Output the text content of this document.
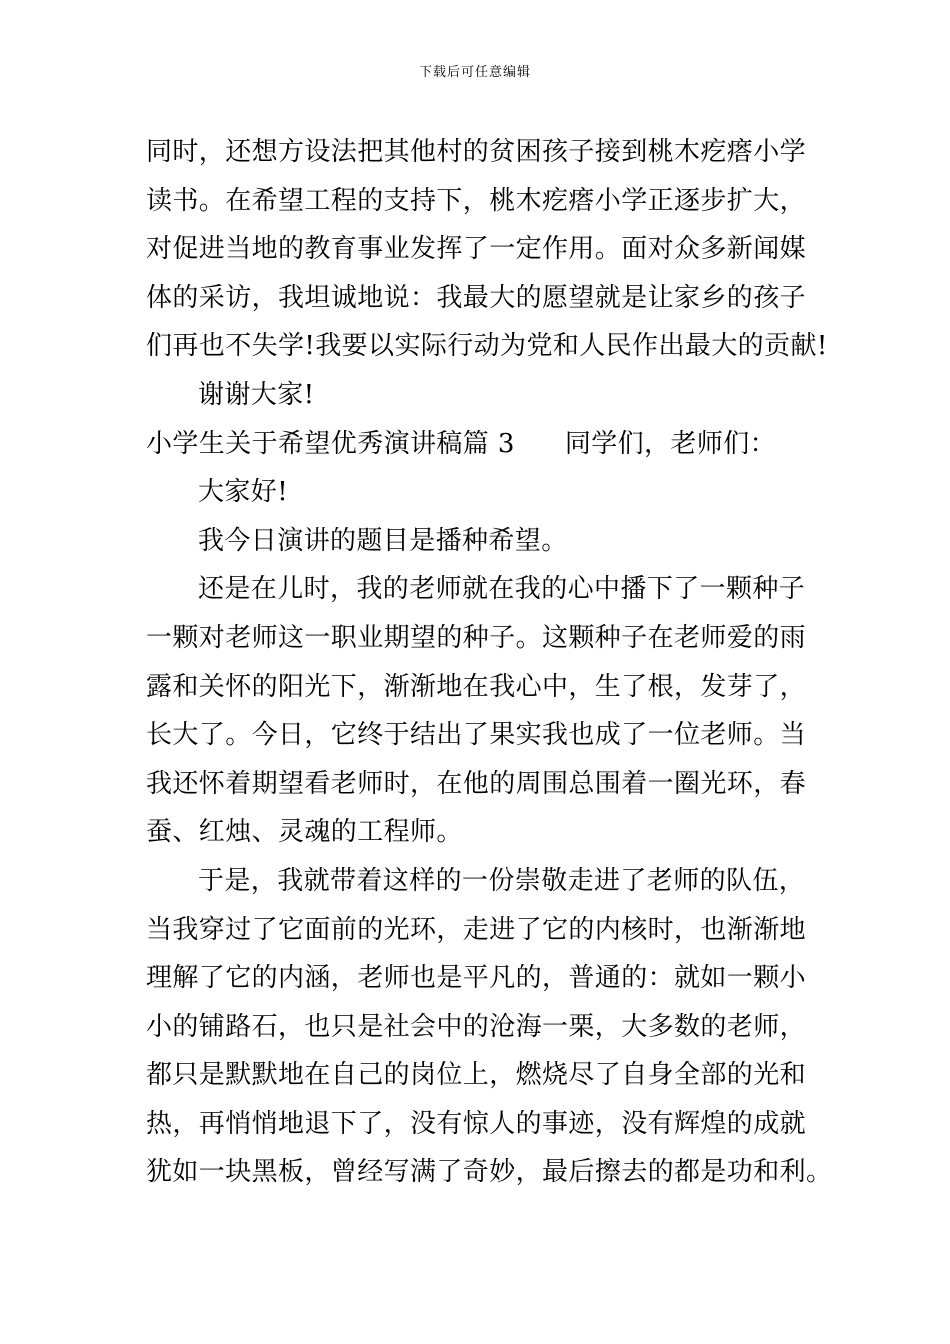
下载后可任意编辑
同时，还想方设法把其他村的贫困孩子接到桃木疙瘩小学
读书。在希望工程的支持下，桃木疙瘩小学正逐步扩大，
对促进当地的教育事业发挥了一定作用。面对众多新闻媒
体的采访，我坦诚地说：我最大的愿望就是让家乡的孩子
们再也不失学!我要以实际行动为党和人民作出最大的贡献!
谢谢大家!
小学生关于希望优秀演讲稿篇 3 同学们，老师们：
大家好!
我今日演讲的题目是播种希望。
还是在儿时，我的老师就在我的心中播下了一颗种子
一颗对老师这一职业期望的种子。这颗种子在老师爱的雨
露和关怀的阳光下，渐渐地在我心中，生了根，发芽了，
长大了。今日，它终于结出了果实我也成了一位老师。当
我还怀着期望看老师时，在他的周围总围着一圈光环，春
蚕、红烛、灵魂的工程师。
于是，我就带着这样的一份崇敬走进了老师的队伍，
当我穿过了它面前的光环，走进了它的内核时，也渐渐地
理解了它的内涵，老师也是平凡的，普通的：就如一颗小
小的铺路石，也只是社会中的沧海一栗，大多数的老师，
都只是默默地在自己的岗位上，燃烧尽了自身全部的光和
热，再悄悄地退下了，没有惊人的事迹，没有辉煌的成就
犹如一块黑板，曾经写满了奇妙，最后擦去的都是功和利。
